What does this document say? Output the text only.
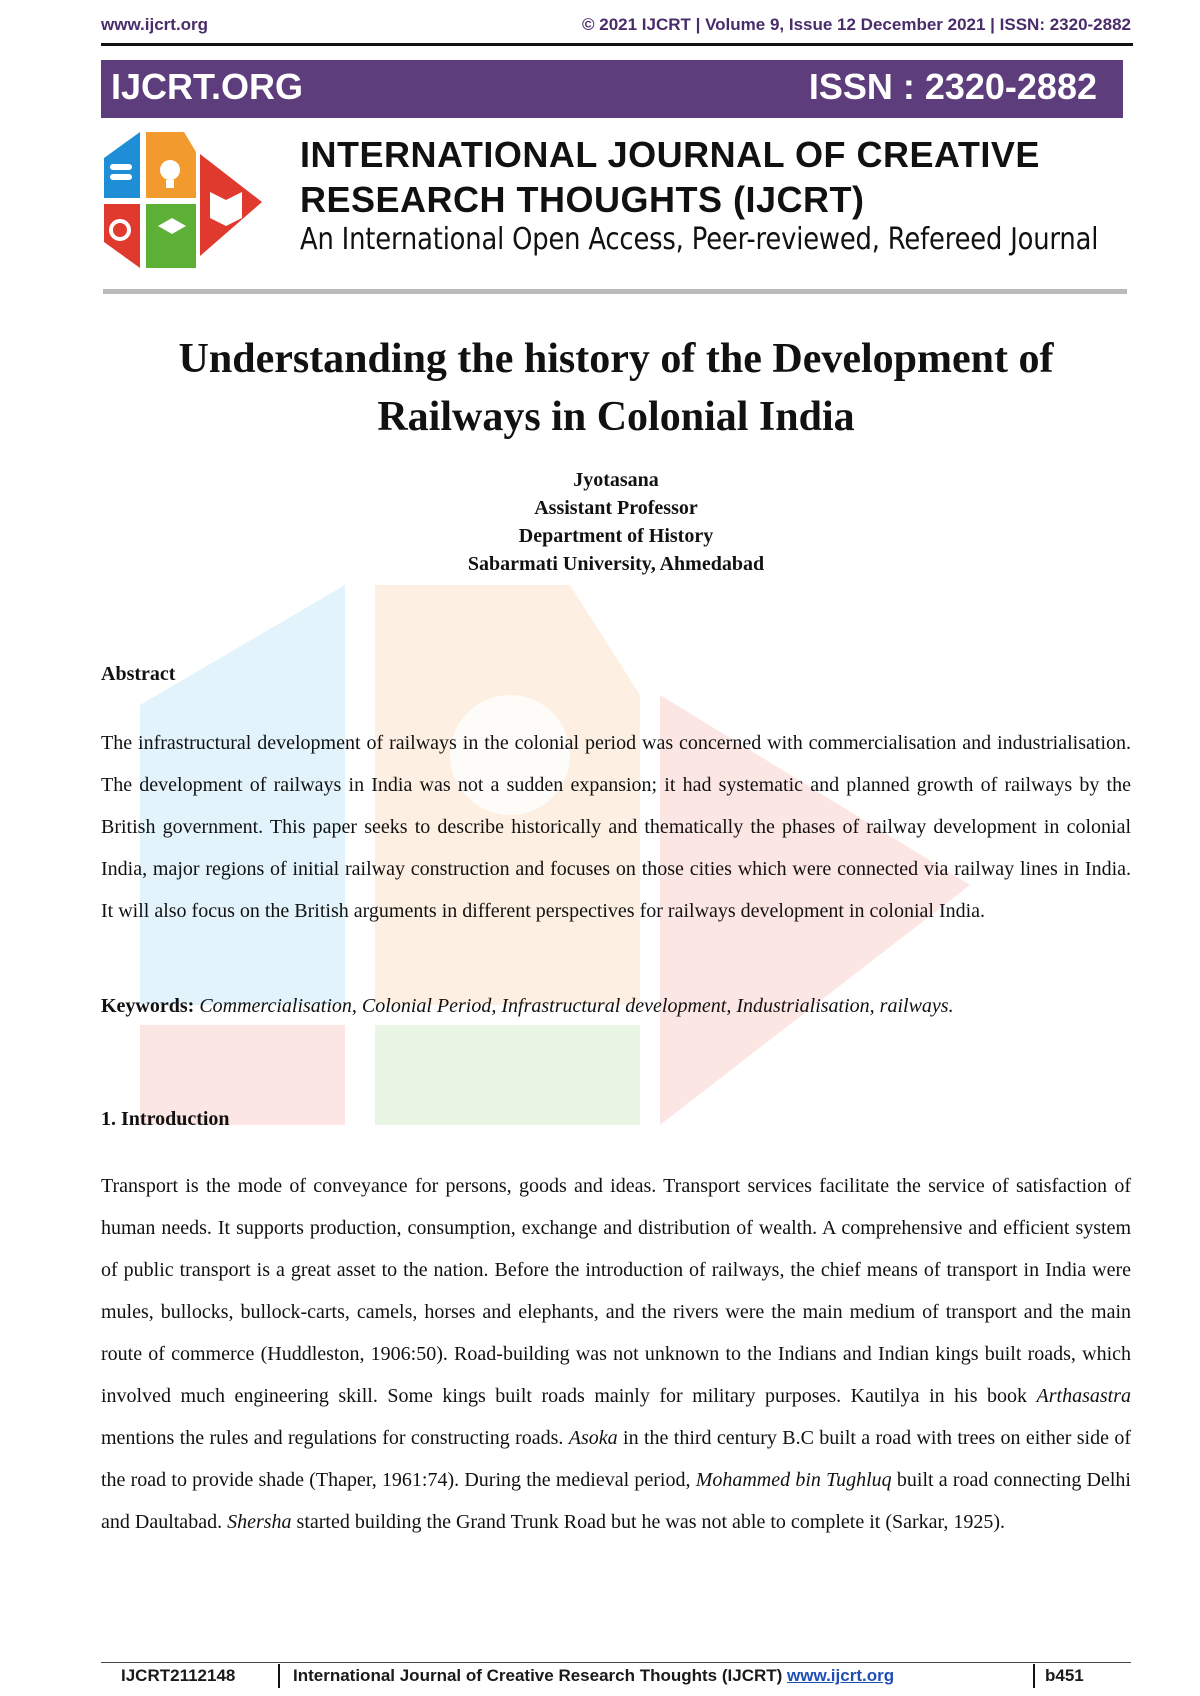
www.ijcrt.org	© 2021 IJCRT | Volume 9, Issue 12 December 2021 | ISSN: 2320-2882
IJCRT.ORG	ISSN : 2320-2882
INTERNATIONAL JOURNAL OF CREATIVE
RESEARCH THOUGHTS (IJCRT)
An International Open Access, Peer-reviewed, Refereed Journal
Understanding the history of the Development of
Railways in Colonial India
Jyotasana
Assistant Professor
Department of History
Sabarmati University, Ahmedabad
Abstract
The infrastructural development of railways in the colonial period was concerned with commercialisation and industrialisation. The development of railways in India was not a sudden expansion; it had systematic and planned growth of railways by the British government. This paper seeks to describe historically and thematically the phases of railway development in colonial India, major regions of initial railway construction and focuses on those cities which were connected via railway lines in India. It will also focus on the British arguments in different perspectives for railways development in colonial India.
Keywords: Commercialisation, Colonial Period, Infrastructural development, Industrialisation, railways.
1. Introduction
Transport is the mode of conveyance for persons, goods and ideas. Transport services facilitate the service of satisfaction of human needs. It supports production, consumption, exchange and distribution of wealth. A comprehensive and efficient system of public transport is a great asset to the nation. Before the introduction of railways, the chief means of transport in India were mules, bullocks, bullock-carts, camels, horses and elephants, and the rivers were the main medium of transport and the main route of commerce (Huddleston, 1906:50). Road-building was not unknown to the Indians and Indian kings built roads, which involved much engineering skill. Some kings built roads mainly for military purposes. Kautilya in his book Arthasastra mentions the rules and regulations for constructing roads. Asoka in the third century B.C built a road with trees on either side of the road to provide shade (Thaper, 1961:74). During the medieval period, Mohammed bin Tughluq built a road connecting Delhi and Daultabad. Shersha started building the Grand Trunk Road but he was not able to complete it (Sarkar, 1925).
IJCRT2112148	International Journal of Creative Research Thoughts (IJCRT) www.ijcrt.org	b451
